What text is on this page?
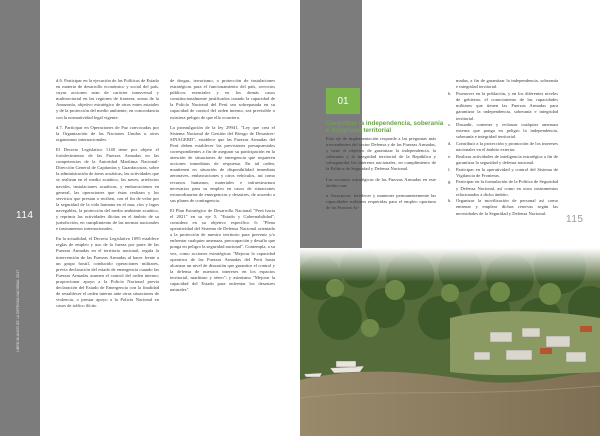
114
LIBRO BLANCO DE LA DEFENSA NACIONAL 2017

d.6. Participar en la ejecución de las Políticas de Estado en materia de desarrollo económico y social del país, cuyas acciones sean de carácter transversal y multisectorial en las regiones de frontera, zonas de la Amazonía, objetivo estratégico de otros entes estatales y de la protección del medio ambiente, en concordancia con la normatividad legal vigente.

d.7. Participar en Operaciones de Paz convocadas por la Organización de las Naciones Unidas u otros organismos internacionales.

El Decreto Legislativo 1148 tiene por objeto el fortalecimiento de las Fuerzas Armadas en las competencias de la Autoridad Marítima Nacional-Dirección General de Capitanías y Guardacostas, sobre la administración de áreas acuáticas, las actividades que se realizan en el medio acuático, las naves, artefactos navales, instalaciones acuáticas, y embarcaciones en general, las operaciones que éstas realizan y los servicios que prestan o reciben, con el fin de velar por la seguridad de la vida humana en el mar, ríos y lagos navegables, la protección del medio ambiente acuático, y reprimir las actividades ilícitas en el ámbito de su jurisdicción, en cumplimiento de las normas nacionales e instrumentos internacionales.

En la actualidad, el Decreto Legislativo 1095 establece reglas de empleo y uso de la fuerza por parte de las Fuerzas Armadas en el territorio nacional, regula la intervención de las Fuerzas Armadas al hacer frente a un grupo hostil, conducido operaciones militares, previa declaración del estado de emergencia cuando las Fuerzas Armadas asumen el control del orden interno; proporcionar apoyo a la Policía Nacional previa declaración del Estado de Emergencia con la finalidad de restablecer el orden interno ante otras situaciones de violencia, o prestar apoyo a la Policía Nacional en casos de tráfico ilícito

de drogas, terrorismo, o protección de instalaciones estratégicas para el funcionamiento del país, servicios públicos esenciales y en los demás casos constitucionalmente justificados cuando la capacidad de la Policía Nacional del Perú sea sobrepasada en su capacidad de control del orden interno, sea previsible o existiera peligro de que ello ocurriera.

La promulgación de la ley 29941, "Ley que crea el Sistema Nacional de Gestión del Riesgo de Desastres-SINAGERD", establece que las Fuerzas Armadas del Perú deben establecer las previsiones presupuestales correspondientes a fin de asegurar su participación en la atención de situaciones de emergencia que requieren acciones inmediatas de respuesta. En tal orden, mantienen en situación de disponibilidad inmediata aeronaves, embarcaciones y otros vehículos, así como recursos humanos, materiales e infraestructura necesarios para su empleo en casos de situaciones extraordinarias de emergencias y desastres, de acuerdo a sus planes de contingencia.

El Plan Estratégico de Desarrollo Nacional "Perú hacia el 2021" en su eje 5, "Estado y Gobernabilidad", considera en su objetivo específico 6: "Plena operatividad del Sistema de Defensa Nacional orientado a la protección de nuestro territorio para prevenir y/o enfrentar cualquier amenaza, preocupación y desafío que ponga en peligro la seguridad nacional". Contempla, a su vez, como acciones estratégicas "Mejorar la capacidad operativa de las Fuerzas Armadas del Perú hasta alcanzar un nivel de disuasión que garantice el control y la defensa de nuestros intereses en los espacios territorial, marítimo y aéreo"; y asimismo "Mejorar la capacidad del Estado para enfrentar los desastres naturales".

115
01
Garantizar la independencia, soberanía e integridad territorial

Este eje de implementación responde a las preguntas más trascendentes del sector Defensa y de las Fuerzas Armadas, y tiene el objetivo de garantizar la independencia, la soberanía y la integridad territorial de la República y salvaguardar los intereses nacionales, en cumplimiento de la Política de Seguridad y Defensa Nacional.

Las acciones estratégicas de las Fuerzas Armadas en este ámbito son:

a. Incorporar, fortalecer y mantener permanentemente las capacidades militares requeridas para el empleo oportuno de las Fuerzas Ar-

madas, a fin de garantizar la independencia, soberanía e integridad territorial.

b. Promover en la población, y en los diferentes niveles de gobierno, el conocimiento de las capacidades militares que tienen las Fuerzas Armadas para garantizar la independencia, soberanía e integridad territorial.
c.	Disuadir, contener y rechazar cualquier amenaza externa que ponga en peligro la independencia, soberanía e integridad territorial.
d. Contribuir a la protección y promoción de los intereses nacionales en el ámbito exterior.
e.	Realizar actividades de inteligencia estratégica a fin de garantizar la seguridad y defensa nacional.
f.	Participar en la operatividad y control del Sistema de Vigilancia de Fronteras.
g. Participar en la formulación de la Política de Seguridad y Defensa Nacional, así como en otros instrumentos relacionados a dicho ámbito.
h. Organizar la movilización de personal así como entrenar y emplear dichas reservas según las necesidades de la Seguridad y Defensa Nacional.
